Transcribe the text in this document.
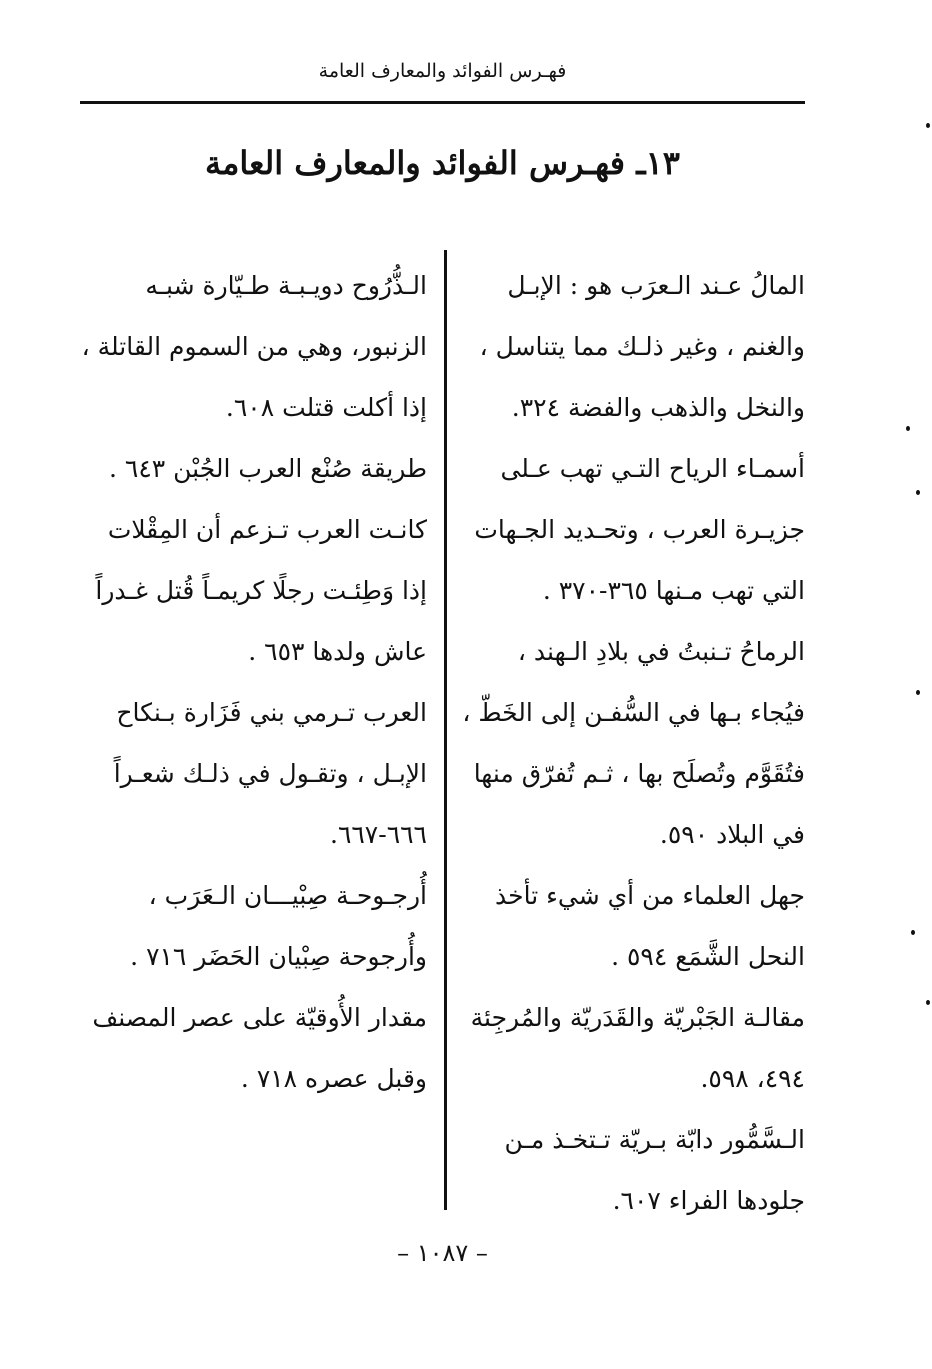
فهـرس الفوائد والمعارف العامة
١٣ـ فهـرس الفوائد والمعارف العامة
المالُ عـند الـعرَب هو : الإبـل
والغنم ، وغير ذلـك مما يتناسل ،
والنخل والذهب والفضة ٣٢٤.
أسمـاء الرياح التـي تهب عـلى
جزيـرة العرب ، وتحـديد الجـهات
التي تهب مـنها ٣٦٥-٣٧٠ .
الرماحُ تـنبتُ في بلادِ الـهند ،
فيُجاء بـها في السُّفـن إلى الخَطّ ،
فتُقَوَّم وتُصلَح بها ، ثـم تُفرّق منها
في البلاد ٥٩٠.
جهل العلماء من أي شيء تأخذ
النحل الشَّمَع ٥٩٤ .
مقالـة الجَبْريّة والقَدَريّة والمُرجِئة
٤٩٤، ٥٩٨.
الـسَّمُّور دابّة بـريّة تـتخـذ مـن
جلودها الفراء ٦٠٧.
الـذُّرُوح دويـبـة طـيّارة شبـه
الزنبور، وهي من السموم القاتلة ،
إذا أكلت قتلت ٦٠٨.
طريقة صُنْع العرب الجُبْن ٦٤٣ .
كانـت العرب تـزعم أن المِقْلات
إذا وَطِئـت رجلًا كريمـاً قُتل غـدراً
عاش ولدها ٦٥٣ .
العرب تـرمي بني فَزَارة بـنكاح
الإبـل ، وتقـول في ذلـك شعـراً
٦٦٦-٦٦٧.
أُرجـوحـة صِبْيـــان الـعَرَب ،
وأُرجوحة صِبْيان الحَضَر ٧١٦ .
مقدار الأُوقيّة على عصر المصنف
وقبل عصره ٧١٨ .
– ١٠٨٧ –
